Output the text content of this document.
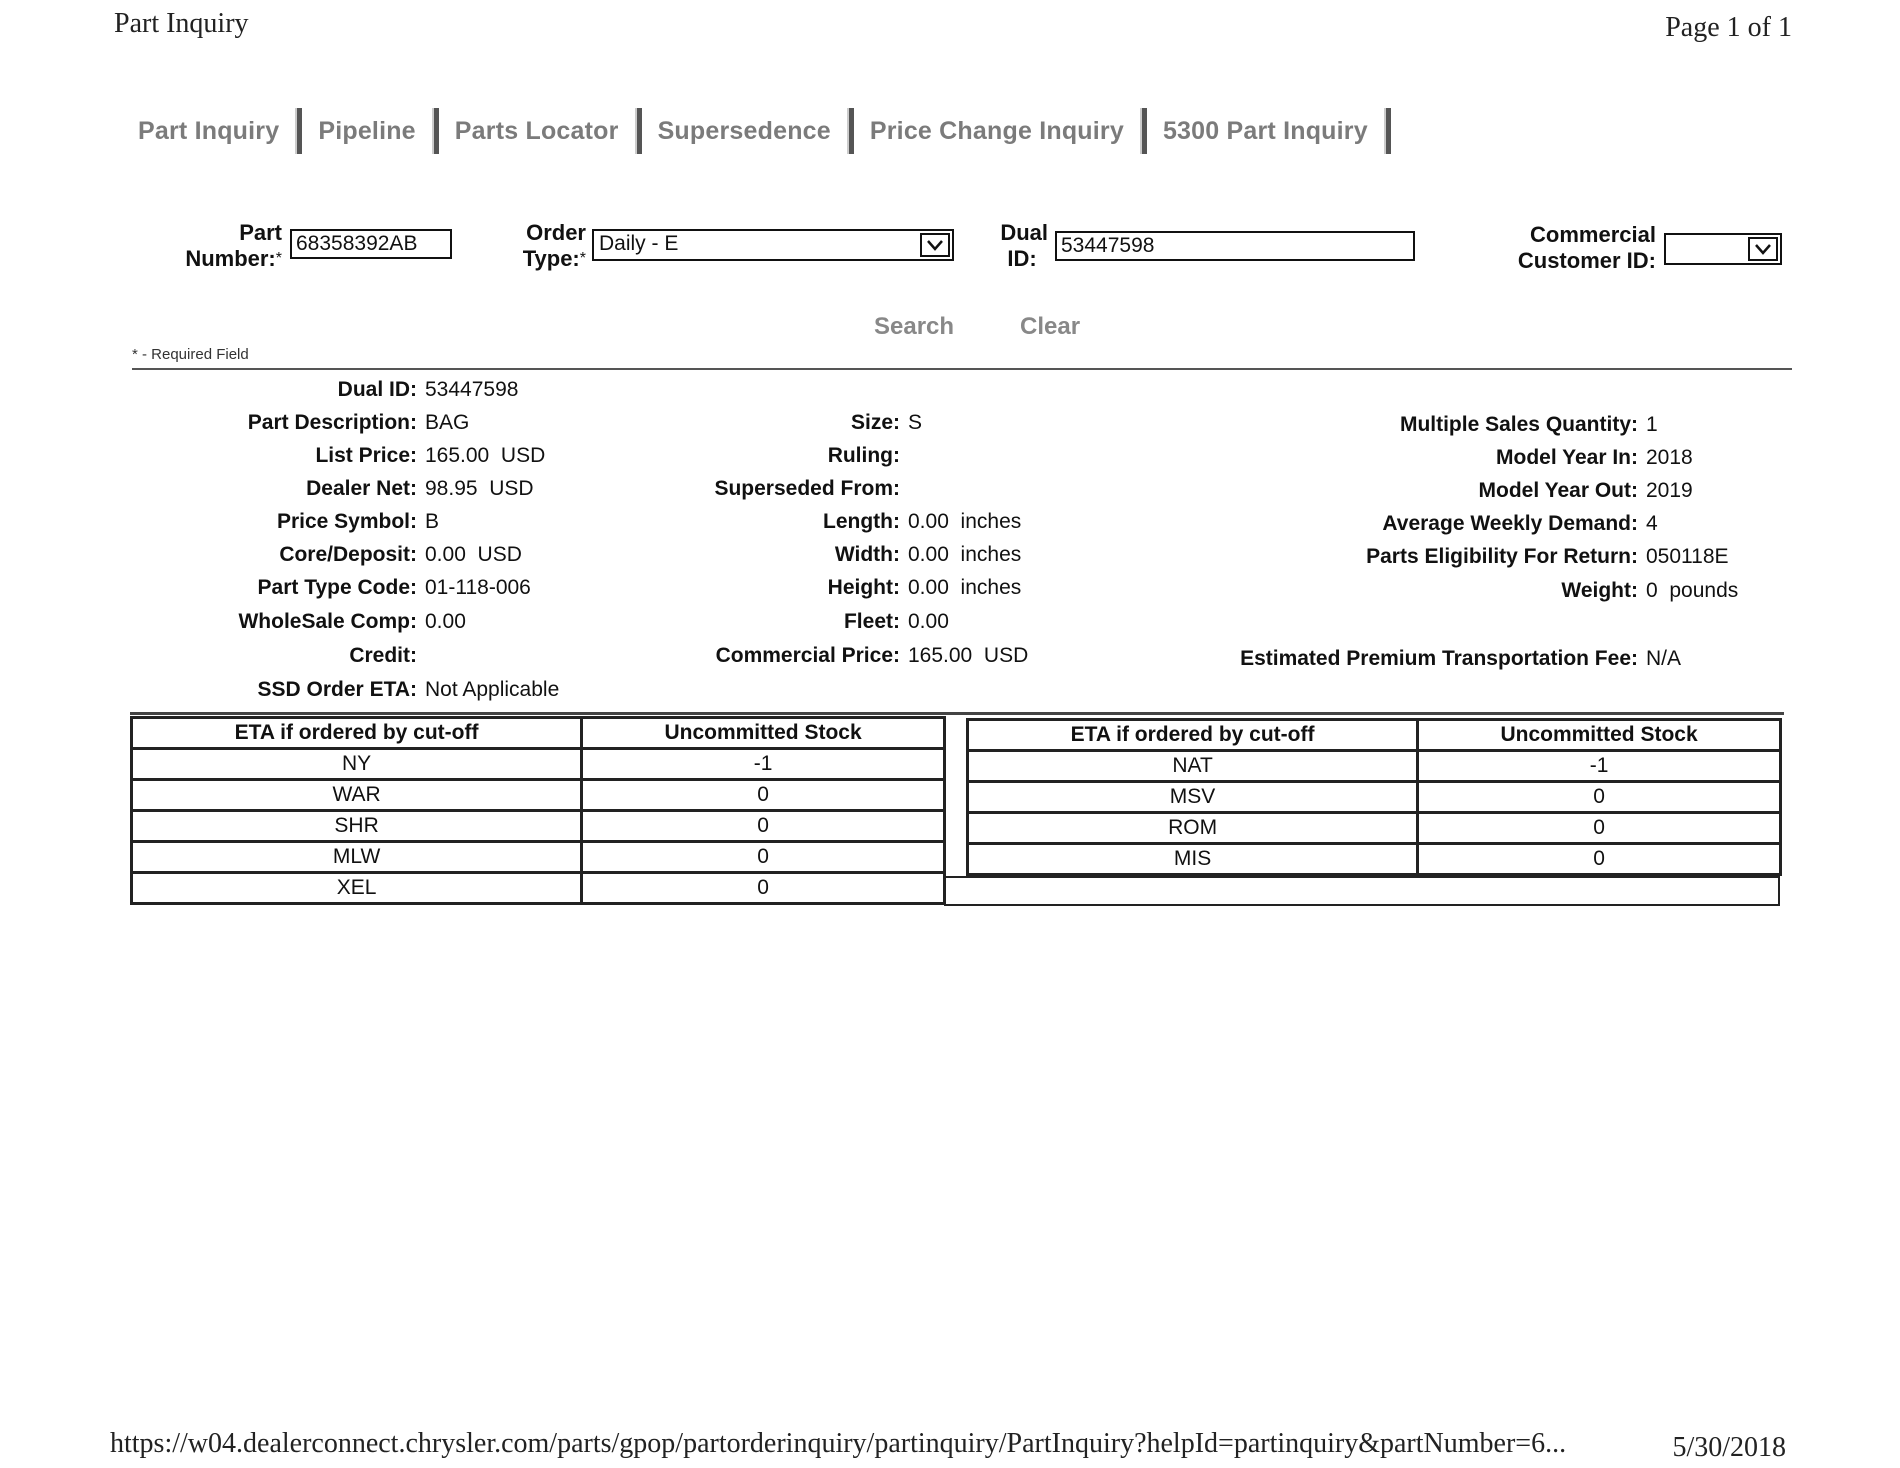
Part Inquiry	Page 1 of 1
Part Inquiry	Pipeline	Parts Locator	Supersedence	Price Change Inquiry	5300 Part Inquiry
Part
Number:*
68358392AB
Order
Type:*
Daily - E	Dual
ID:
53447598
Commercial
Customer ID:
Search	Clear
* - Required Field
Dual ID: 53447598
Part Description: BAG
List Price: 165.00  USD
Dealer Net: 98.95  USD
Price Symbol: B
Core/Deposit: 0.00  USD
Part Type Code: 01-118-006
WholeSale Comp: 0.00
Credit:
SSD Order ETA: Not Applicable
Size: S
Ruling:
Superseded From:
Length: 0.00  inches
Width: 0.00  inches
Height: 0.00  inches
Fleet: 0.00
Commercial Price: 165.00  USD
Multiple Sales Quantity: 1
Model Year In: 2018
Model Year Out: 2019
Average Weekly Demand: 4
Parts Eligibility For Return: 050118E
Weight: 0  pounds
Estimated Premium Transportation Fee: N/A
ETA if ordered by cut-off	Uncommitted Stock
NY	-1
WAR	0
SHR	0
MLW	0
XEL	0
ETA if ordered by cut-off	Uncommitted Stock
NAT	-1
MSV	0
ROM	0
MIS	0
https://w04.dealerconnect.chrysler.com/parts/gpop/partorderinquiry/partinquiry/PartInquiry?helpId=partinquiry&partNumber=6...	5/30/2018
